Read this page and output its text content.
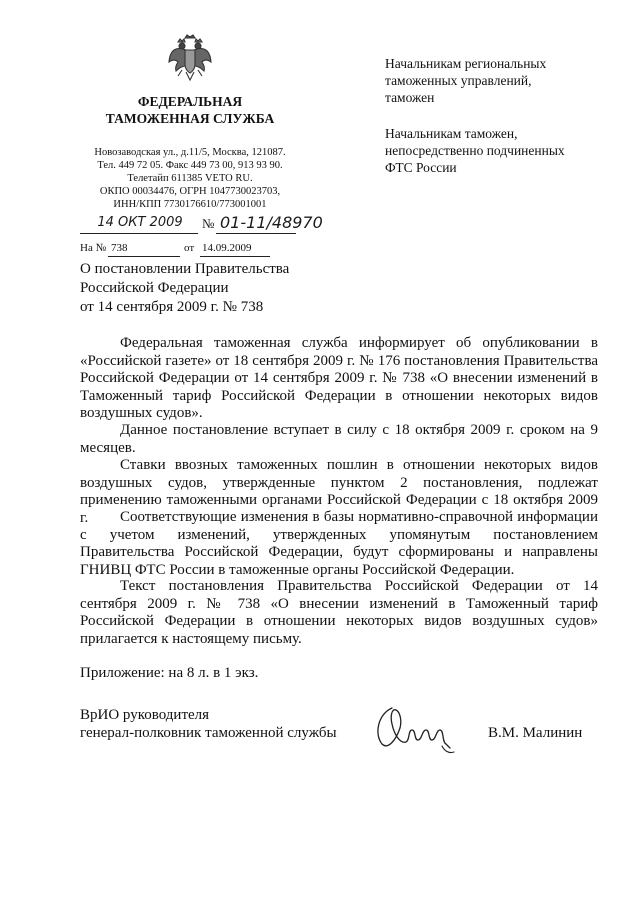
ФЕДЕРАЛЬНАЯ
ТАМОЖЕННАЯ СЛУЖБА
Новозаводская ул., д.11/5, Москва, 121087.
Тел. 449 72 05. Факс 449 73 00, 913 93 90.
Телетайп 611385 VETO RU.
ОКПО 00034476, ОГРН 1047730023703,
ИНН/КПП 7730176610/773001001
14 ОКТ 2009	№ 01-11/48970
На № 738	от 14.09.2009
Начальникам региональных
таможенных управлений,
таможен
Начальникам таможен,
непосредственно подчиненных
ФТС России
О постановлении Правительства
Российской Федерации
от 14 сентября 2009 г. № 738
Федеральная таможенная служба информирует об опубликовании в «Российской газете» от 18 сентября 2009 г. № 176 постановления Правительства Российской Федерации от 14 сентября 2009 г. № 738 «О внесении изменений в Таможенный тариф Российской Федерации в отношении некоторых видов воздушных судов».
Данное постановление вступает в силу с 18 октября 2009 г. сроком на 9 месяцев.
Ставки ввозных таможенных пошлин в отношении некоторых видов воздушных судов, утвержденные пунктом 2 постановления, подлежат применению таможенными органами Российской Федерации с 18 октября 2009 г.	Соответствующие изменения в базы нормативно-справочной информации с учетом изменений, утвержденных упомянутым постановлением Правительства Российской Федерации, будут сформированы и направлены ГНИВЦ ФТС России в таможенные органы Российской Федерации.
Текст постановления Правительства Российской Федерации от 14 сентября 2009 г. № 738 «О внесении изменений в Таможенный тариф Российской Федерации в отношении некоторых видов воздушных судов» прилагается к настоящему письму.
Приложение: на 8 л. в 1 экз.
ВрИО руководителя
генерал-полковник таможенной службы	В.М. Малинин
